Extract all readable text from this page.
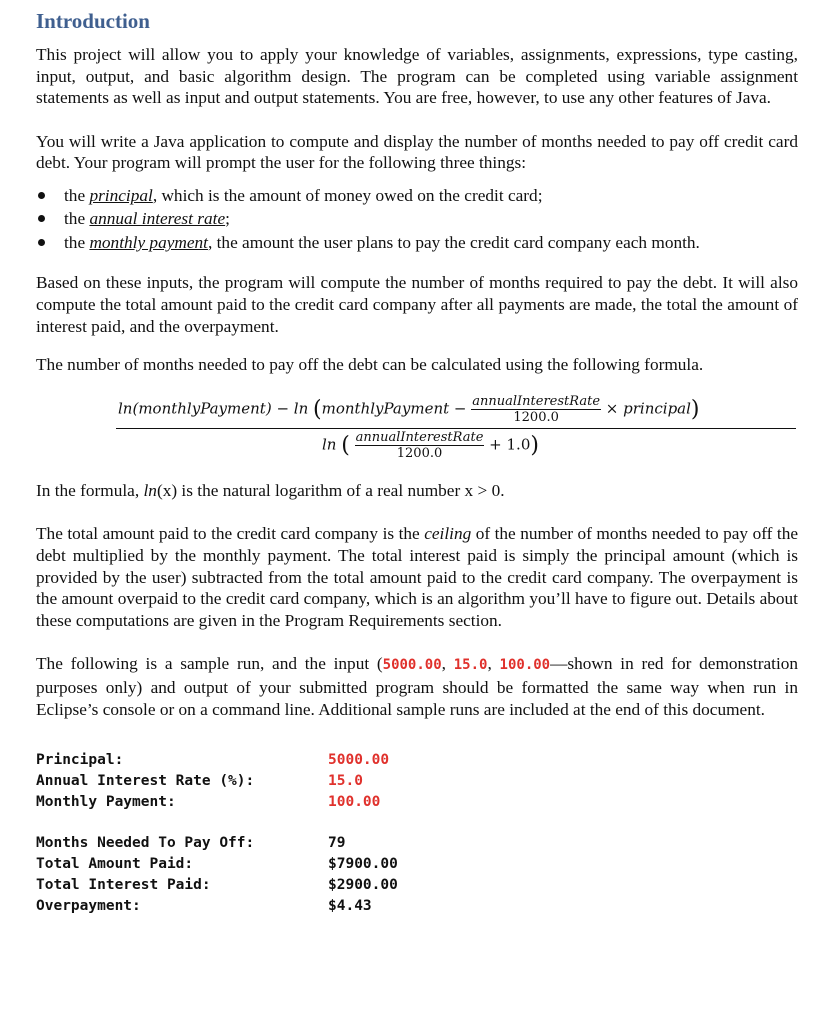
Introduction

This project will allow you to apply your knowledge of variables, assignments, expressions, type casting, input, output, and basic algorithm design. The program can be completed using variable assignment statements as well as input and output statements. You are free, however, to use any other features of Java.

You will write a Java application to compute and display the number of months needed to pay off credit card debt. Your program will prompt the user for the following three things:

the principal, which is the amount of money owed on the credit card;
the annual interest rate;
the monthly payment, the amount the user plans to pay the credit card company each month.

Based on these inputs, the program will compute the number of months required to pay the debt. It will also compute the total amount paid to the credit card company after all payments are made, the total the amount of interest paid, and the overpayment.

The number of months needed to pay off the debt can be calculated using the following formula.

ln(monthlyPayment) − ln (monthlyPayment − annualInterestRate
1200.0	× principal)
ln ( annualInterestRate
1200.0	+ 1.0)

In the formula, ln(x) is the natural logarithm of a real number x > 0.

The total amount paid to the credit card company is the ceiling of the number of months needed to pay off the debt multiplied by the monthly payment. The total interest paid is simply the principal amount (which is provided by the user) subtracted from the total amount paid to the credit card company. The overpayment is the amount overpaid to the credit card company, which is an algorithm you’ll have to figure out. Details about these computations are given in the Program Requirements section.

The following is a sample run, and the input (5000.00, 15.0, 100.00—shown in red for demonstration purposes only) and output of your submitted program should be formatted the same way when run in Eclipse’s console or on a command line. Additional sample runs are included at the end of this document.

Principal:	5000.00
Annual Interest Rate (%):	15.0
Monthly Payment:	100.00
Months Needed To Pay Off:	79
Total Amount Paid:	$7900.00
Total Interest Paid:	$2900.00
Overpayment:	$4.43
